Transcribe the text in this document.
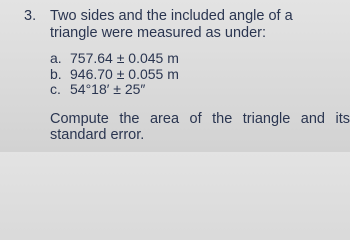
3. Two sides and the included angle of a triangle were measured as under:
a. 757.64 ± 0.045 m
b. 946.70 ± 0.055 m
c. 54°18′ ± 25″
Compute the area of the triangle and its
standard error.
